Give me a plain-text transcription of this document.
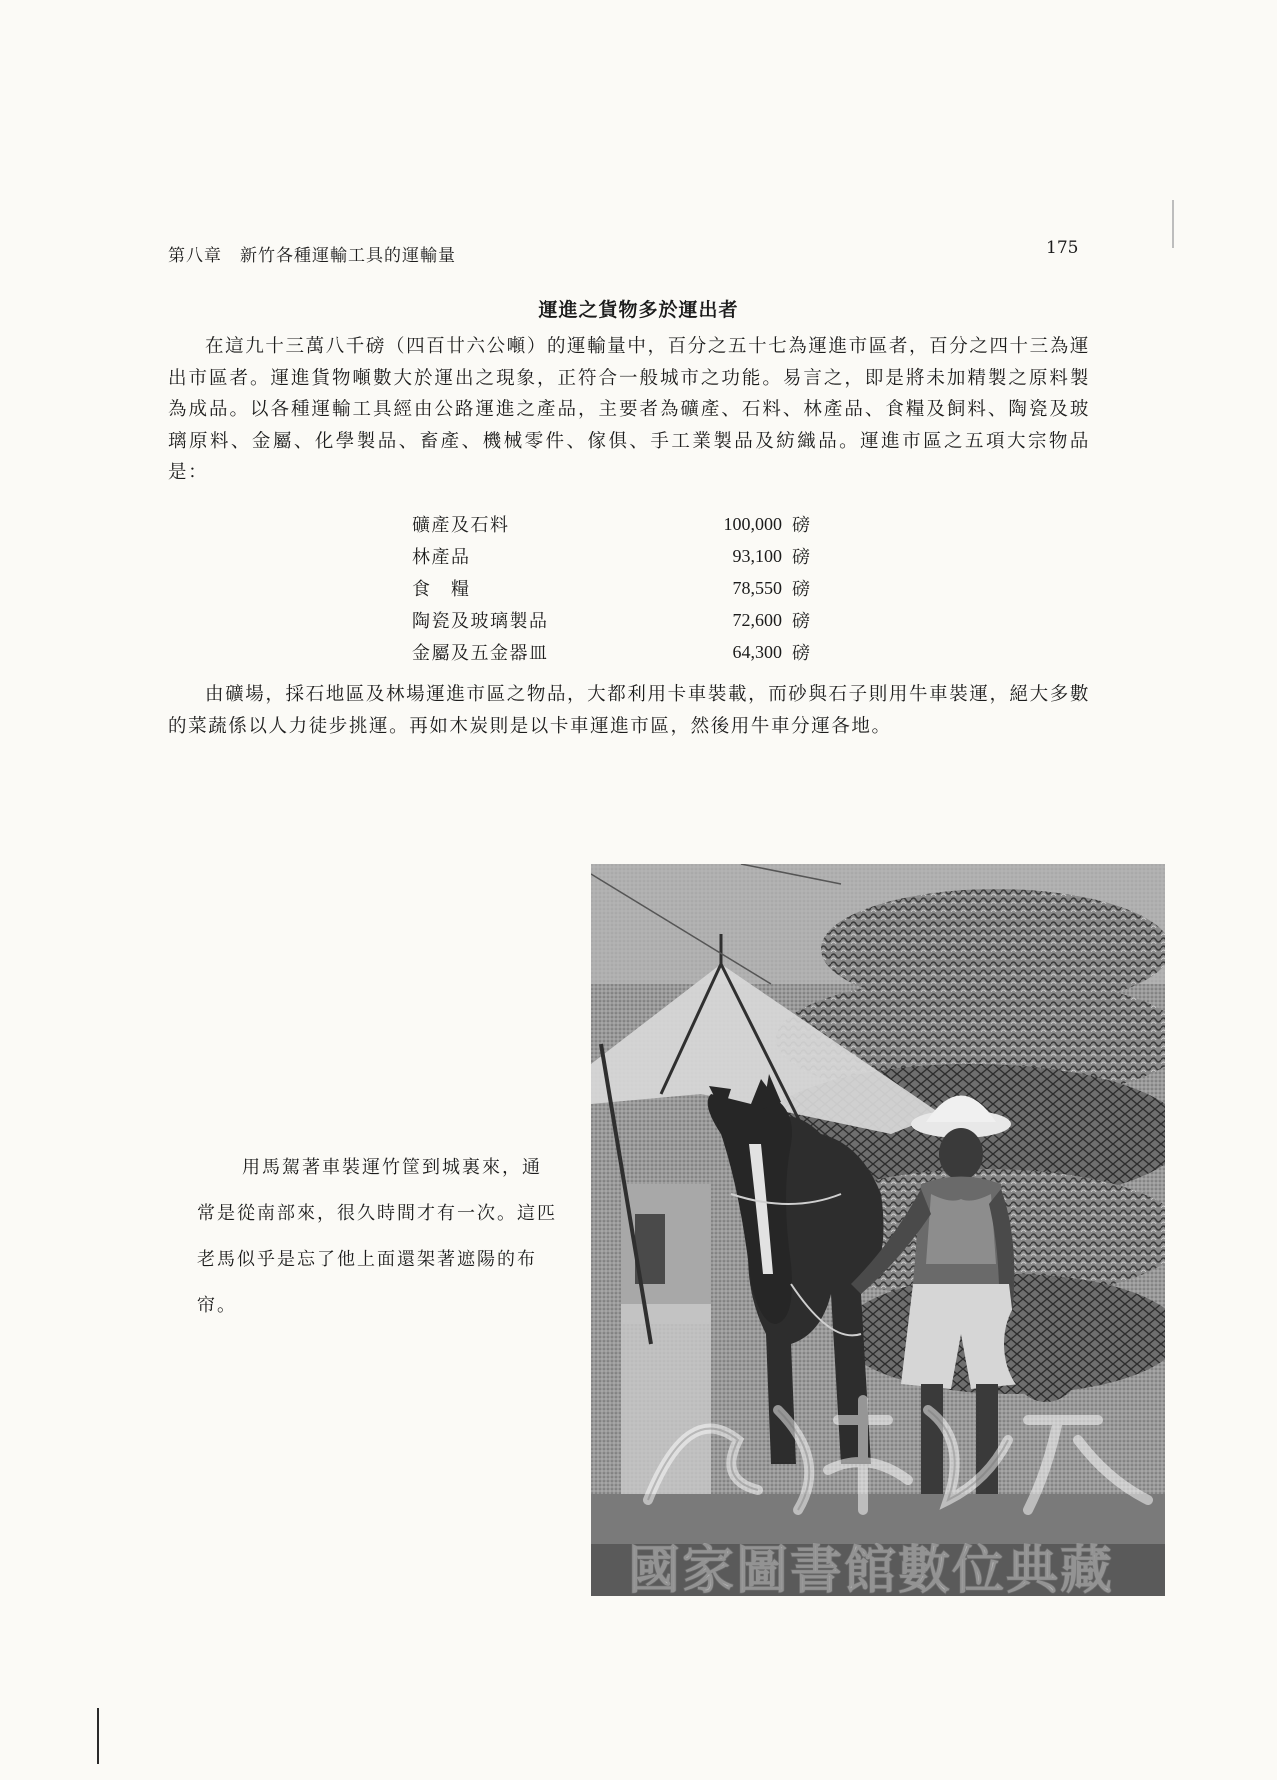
第八章　新竹各種運輸工具的運輸量	175
運進之貨物多於運出者

在這九十三萬八千磅（四百廿六公噸）的運輸量中，百分之五十七為運進市區者，百分之四十三為運出市區者。運進貨物噸數大於運出之現象，正符合一般城市之功能。易言之，即是將未加精製之原料製為成品。以各種運輸工具經由公路運進之產品，主要者為礦產、石料、林產品、食糧及飼料、陶瓷及玻璃原料、金屬、化學製品、畜產、機械零件、傢俱、手工業製品及紡織品。運進市區之五項大宗物品是：

礦產及石料	100,000	磅
林產品	93,100	磅
食　糧	78,550	磅
陶瓷及玻璃製品	72,600	磅
金屬及五金器皿	64,300	磅

由礦場，採石地區及林場運進市區之物品，大都利用卡車裝載，而砂與石子則用牛車裝運，絕大多數的菜蔬係以人力徒步挑運。再如木炭則是以卡車運進市區，然後用牛車分運各地。

用馬駕著車裝運竹筐到城裏來，通常是從南部來，很久時間才有一次。這匹老馬似乎是忘了他上面還架著遮陽的布帘。

國家圖書館數位典藏
